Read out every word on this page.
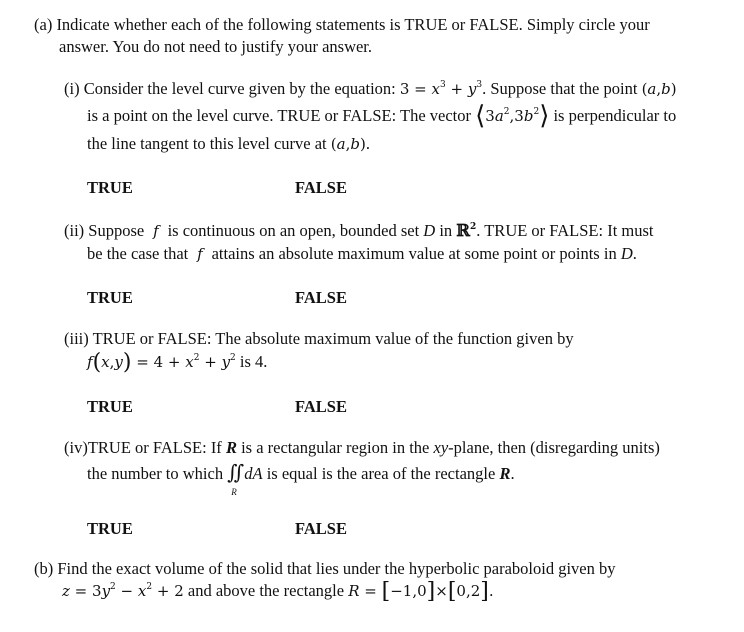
(a) Indicate whether each of the following statements is TRUE or FALSE. Simply circle your
answer. You do not need to justify your answer.
(i) Consider the level curve given by the equation: $3 = x^3 + y^3$. Suppose that the point (a,b)
is a point on the level curve. TRUE or FALSE: The vector $⟨3a^2,3b^2⟩$ is perpendicular to
the line tangent to this level curve at (a,b).
TRUE	FALSE
(ii) Suppose  f  is continuous on an open, bounded set D in ℝ$^2$. TRUE or FALSE: It must
be the case that  f  attains an absolute maximum value at some point or points in D.
TRUE	FALSE
(iii) TRUE or FALSE: The absolute maximum value of the function given by
$f(x,y) = 4 + x^2 + y^2$ is 4.
TRUE	FALSE
(iv)TRUE or FALSE: If R is a rectangular region in the xy-plane, then (disregarding units)
the number to which ∬
R
dA is equal is the area of the rectangle R.
TRUE	FALSE
(b) Find the exact volume of the solid that lies under the hyperbolic paraboloid given by
$z = 3y^2 - x^2 + 2$ and above the rectangle R = [−1,0]×[0,2].
